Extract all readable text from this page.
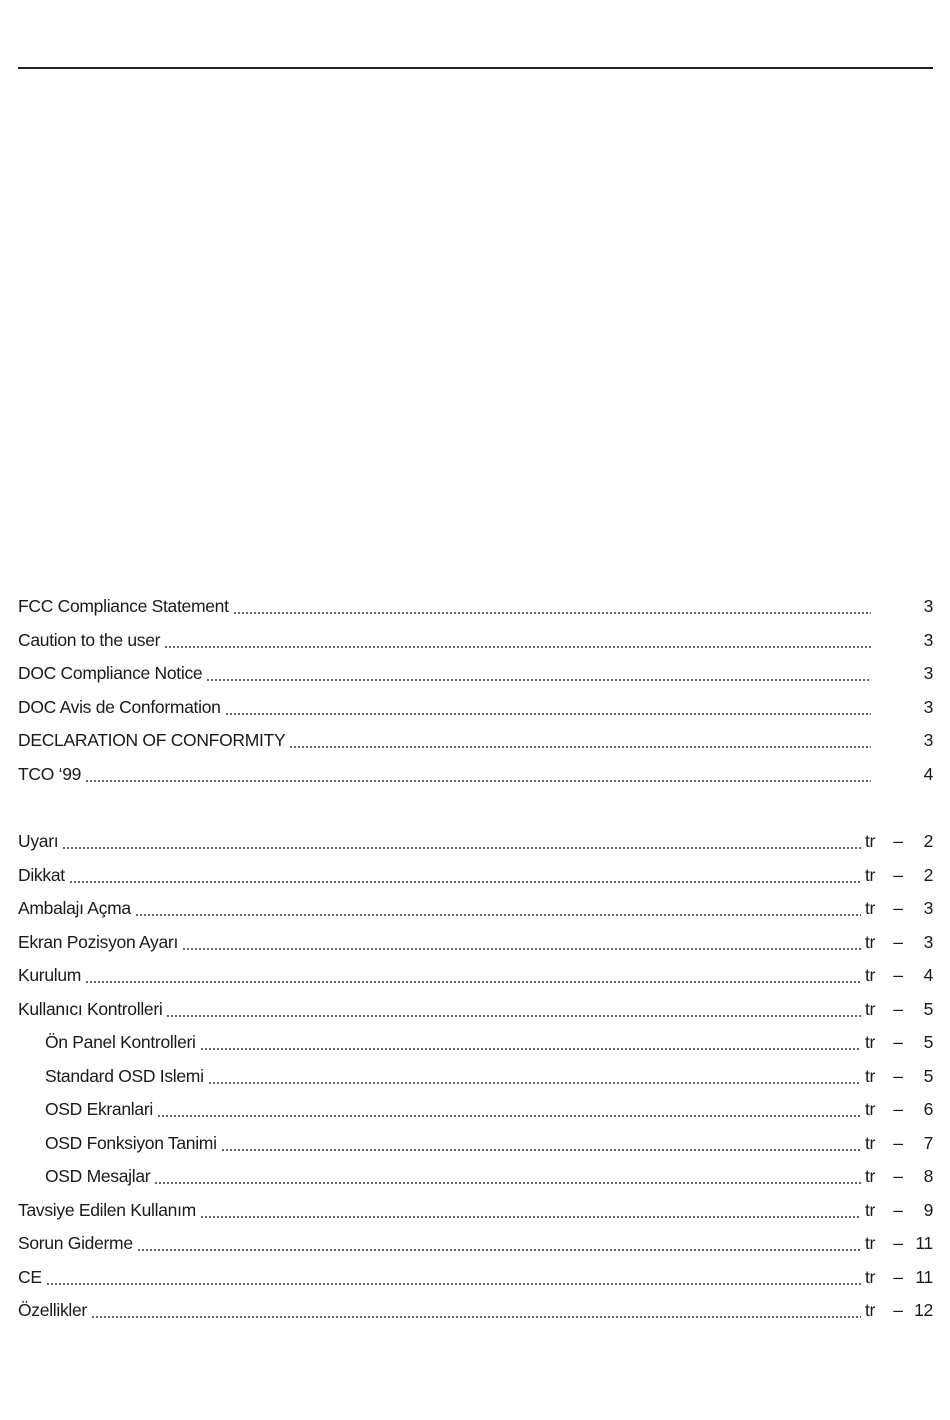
FCC Compliance Statement	3
Caution to the user	3
DOC Compliance Notice	3
DOC Avis de Conformation	3
DECLARATION OF CONFORMITY	3
TCO ‘99	4
Uyarı	tr	–	2
Dikkat	tr	–	2
Ambalajı Açma	tr	–	3
Ekran Pozisyon Ayarı	tr	–	3
Kurulum	tr	–	4
Kullanıcı Kontrolleri	tr	–	5
Ön Panel Kontrolleri	tr	–	5
Standard OSD Islemi	tr	–	5
OSD Ekranlari	tr	–	6
OSD Fonksiyon Tanimi	tr	–	7
OSD Mesajlar	tr	–	8
Tavsiye Edilen Kullanım	tr	–	9
Sorun Giderme	tr	– 11
CE	tr	– 11
Özellikler	tr	– 12
